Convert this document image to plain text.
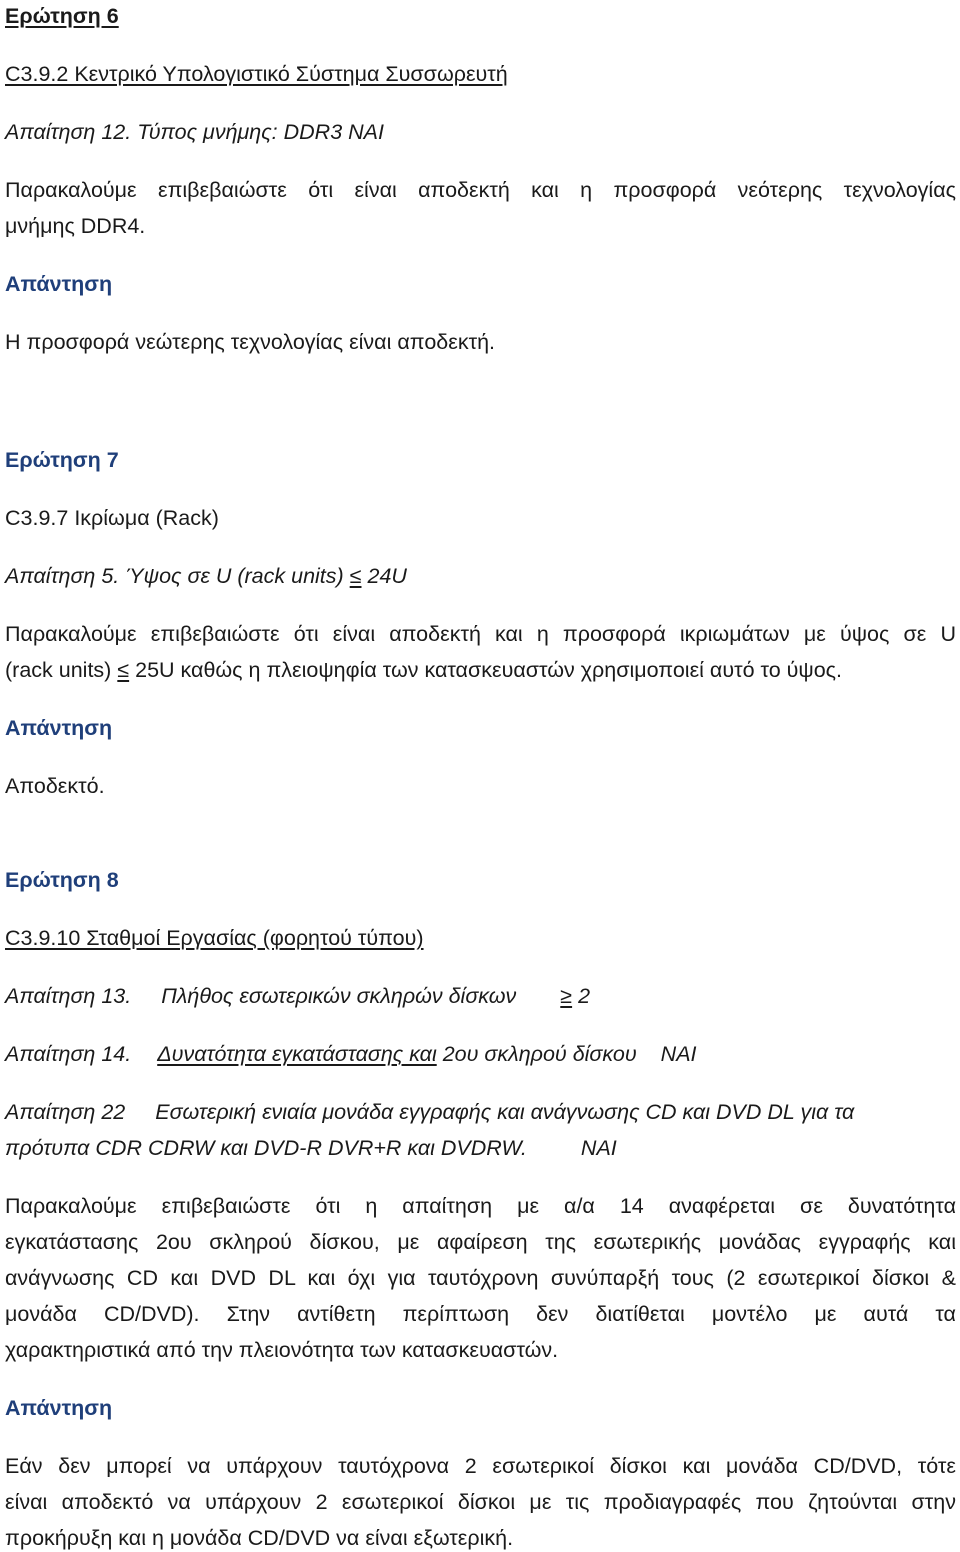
Ερώτηση 6

C3.9.2 Κεντρικό Υπολογιστικό Σύστημα Συσσωρευτή

Απαίτηση 12. Τύπος μνήμης: DDR3 ΝΑΙ

Παρακαλούμε επιβεβαιώστε ότι είναι αποδεκτή και η προσφορά νεότερης τεχνολογίας

μνήμης DDR4.

Απάντηση

Η προσφορά νεώτερης τεχνολογίας είναι αποδεκτή.

Ερώτηση 7

C3.9.7 Ικρίωμα (Rack)

Απαίτηση 5. Ύψος σε U (rack units) ≤ 24U

Παρακαλούμε επιβεβαιώστε ότι είναι αποδεκτή και η προσφορά ικριωμάτων με ύψος σε U

(rack units) ≤ 25U καθώς η πλειοψηφία των κατασκευαστών χρησιμοποιεί αυτό το ύψος.

Απάντηση

Αποδεκτό.

Ερώτηση 8

C3.9.10 Σταθμοί Εργασίας (φορητού τύπου)

Απαίτηση 13. Πλήθος εσωτερικών σκληρών δίσκων ≥ 2

Απαίτηση 14. Δυνατότητα εγκατάστασης και 2ου σκληρού δίσκου ΝΑΙ

Απαίτηση 22 Εσωτερική ενιαία μονάδα εγγραφής και ανάγνωσης CD και DVD DL για τα

πρότυπα CDR CDRW και DVD-R DVR+R και DVDRW.	ΝΑΙ

Παρακαλούμε επιβεβαιώστε ότι η απαίτηση με α/α 14 αναφέρεται σε δυνατότητα

εγκατάστασης 2ου σκληρού δίσκου, με αφαίρεση της εσωτερικής μονάδας εγγραφής και

ανάγνωσης CD και DVD DL και όχι για ταυτόχρονη συνύπαρξή τους (2 εσωτερικοί δίσκοι &

μονάδα CD/DVD). Στην αντίθετη περίπτωση δεν διατίθεται μοντέλο με αυτά τα

χαρακτηριστικά από την πλειονότητα των κατασκευαστών.

Απάντηση

Εάν δεν μπορεί να υπάρχουν ταυτόχρονα 2 εσωτερικοί δίσκοι και μονάδα CD/DVD, τότε

είναι αποδεκτό να υπάρχουν 2 εσωτερικοί δίσκοι με τις προδιαγραφές που ζητούνται στην

προκήρυξη και η μονάδα CD/DVD να είναι εξωτερική.
